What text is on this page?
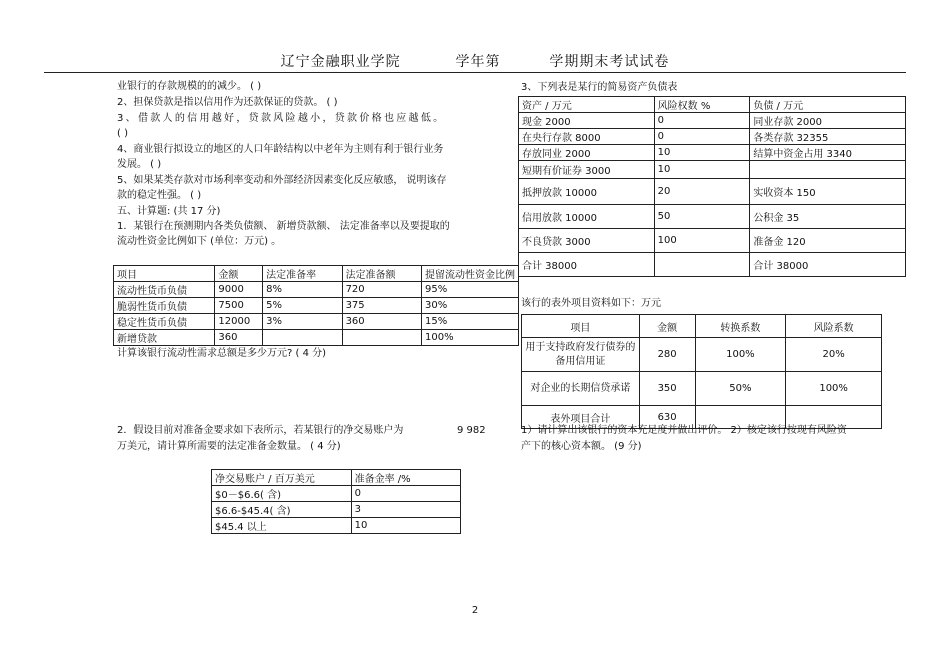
辽宁金融职业学院	学年第	学期期末考试试卷
业银行的存款规模的的减少。 ( )
2、担保贷款是指以信用作为还款保证的贷款。 ( )
3、借款人的信用越好，贷款风险越小，贷款价格也应越低。
( )
4、商业银行拟设立的地区的人口年龄结构以中老年为主则有利于银行业务
发展。 ( )
5、如果某类存款对市场利率变动和外部经济因素变化反应敏感， 说明该存
款的稳定性强。 ( )
五、计算题: (共 17 分)
1．某银行在预测期内各类负债额、 新增贷款额、 法定准备率以及要提取的
流动性资金比例如下 (单位：万元) 。
项目	金额	法定准备率	法定准备额	提留流动性资金比例
流动性货币负债	9000	8%	720	95%
脆弱性货币负债	7500	5%	375	30%
稳定性货币负债	12000	3%	360	15%
新增贷款	360			100%
计算该银行流动性需求总额是多少万元? ( 4 分)
2．假设目前对准备金要求如下表所示，若某银行的净交易账户为	9 982
万美元，请计算所需要的法定准备金数量。 ( 4 分)
净交易账户 / 百万美元	准备金率 /%
$0－$6.6( 含)	0
$6.6-$45.4( 含)	3
$45.4 以上	10
3、下列表是某行的简易资产负债表
资产 / 万元	风险权数 %	负债 / 万元
现金 2000	0	同业存款 2000
在央行存款 8000	0	各类存款 32355
存放同业 2000	10	结算中资金占用 3340
短期有价证券 3000	10	
抵押放款 10000	20	实收资本 150
信用放款 10000	50	公积金 35
不良贷款 3000	100	准备金 120
合计 38000		合计 38000
该行的表外项目资料如下：万元
项目	金额	转换系数	风险系数
用于支持政府发行债券的备用信用证	280	100%	20%
对企业的长期信贷承诺	350	50%	100%
表外项目合计	630		
1）请计算出该银行的资本充足度并做出评价。 2）核定该行按现有风险资
产下的核心资本额。 (9 分)
2
